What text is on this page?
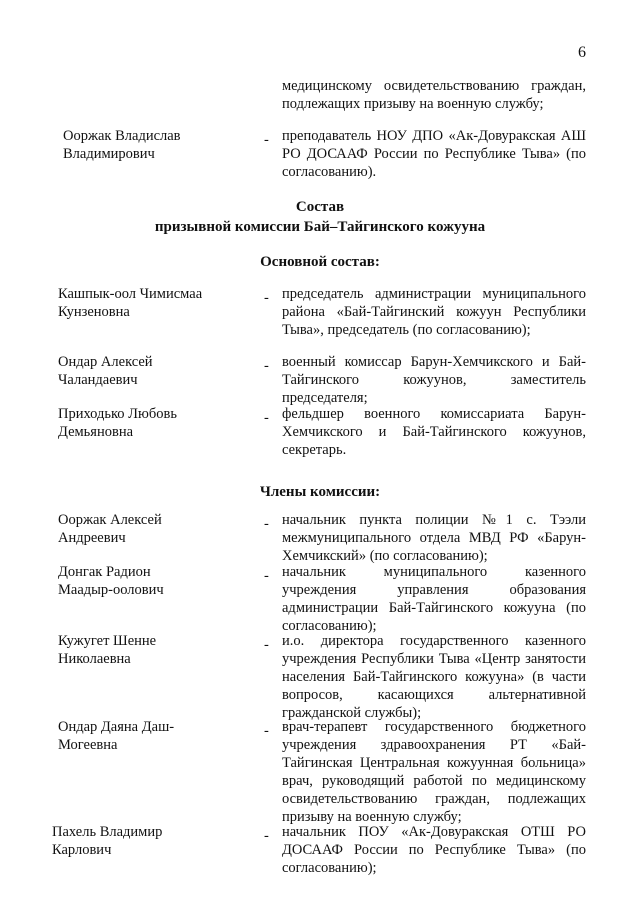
6
медицинскому освидетельствованию граждан, подлежащих призыву на военную службу;
Ооржак Владислав Владимирович
- преподаватель НОУ ДПО «Ак-Довуракская АШ РО ДОСААФ России по Республике Тыва» (по согласованию).
Состав
призывной комиссии Бай–Тайгинского кожууна
Основной состав:
Кашпык-оол Чимисмаа Кунзеновна
- председатель администрации муниципального района «Бай-Тайгинский кожуун Республики Тыва», председатель (по согласованию);
Ондар Алексей Чаландаевич
- военный комиссар Барун-Хемчикского и Бай-Тайгинского кожуунов, заместитель председателя;
Приходько Любовь Демьяновна
- фельдшер военного комиссариата Барун-Хемчикского и Бай-Тайгинского кожуунов, секретарь.
Члены комиссии:
Ооржак Алексей Андреевич
- начальник пункта полиции №1 с. Тээли межмуниципального отдела МВД РФ «Барун-Хемчикский» (по согласованию);
Донгак Радион Маадыр-оолович
- начальник муниципального казенного учреждения управления образования администрации Бай-Тайгинского кожууна (по согласованию);
Кужугет Шенне Николаевна
- и.о. директора государственного казенного учреждения Республики Тыва «Центр занятости населения Бай-Тайгинского кожууна» (в части вопросов, касающихся альтернативной гражданской службы);
Ондар Даяна Даш-Могеевна
- врач-терапевт государственного бюджетного учреждения здравоохранения РТ «Бай-Тайгинская Центральная кожуунная больница» врач, руководящий работой по медицинскому освидетельствованию граждан, подлежащих призыву на военную службу;
Пахель Владимир Карлович
- начальник ПОУ «Ак-Довуракская ОТШ РО ДОСААФ России по Республике Тыва» (по согласованию);
